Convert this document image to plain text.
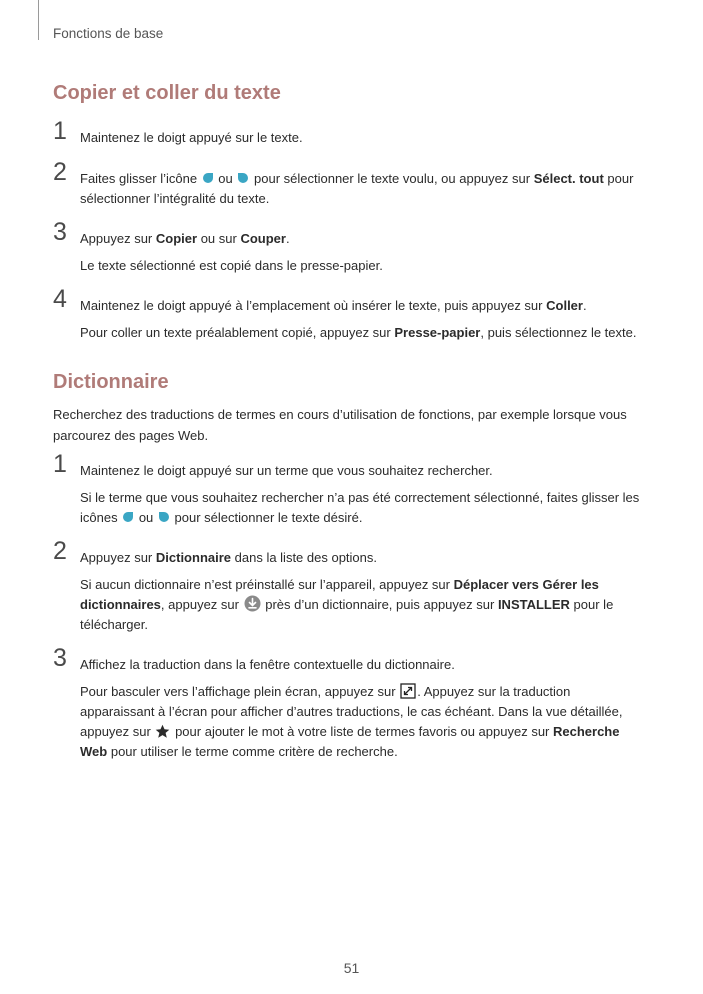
Fonctions de base
Copier et coller du texte
1	Maintenez le doigt appuyé sur le texte.
2	Faites glisser l’icône ou pour sélectionner le texte voulu, ou appuyez sur Sélect. tout pour
sélectionner l’intégralité du texte.
3	Appuyez sur Copier ou sur Couper.
Le texte sélectionné est copié dans le presse-papier.
4	Maintenez le doigt appuyé à l’emplacement où insérer le texte, puis appuyez sur Coller.
Pour coller un texte préalablement copié, appuyez sur Presse-papier, puis sélectionnez le texte.
Dictionnaire
Recherchez des traductions de termes en cours d’utilisation de fonctions, par exemple lorsque vous
parcourez des pages Web.
1	Maintenez le doigt appuyé sur un terme que vous souhaitez rechercher.
Si le terme que vous souhaitez rechercher n’a pas été correctement sélectionné, faites glisser les
icônes ou pour sélectionner le texte désiré.
2	Appuyez sur Dictionnaire dans la liste des options.
Si aucun dictionnaire n’est préinstallé sur l’appareil, appuyez sur Déplacer vers Gérer les
dictionnaires, appuyez sur près d’un dictionnaire, puis appuyez sur INSTALLER pour le
télécharger.
3	Affichez la traduction dans la fenêtre contextuelle du dictionnaire.
Pour basculer vers l’affichage plein écran, appuyez sur . Appuyez sur la traduction
apparaissant à l’écran pour afficher d’autres traductions, le cas échéant. Dans la vue détaillée,
appuyez sur pour ajouter le mot à votre liste de termes favoris ou appuyez sur Recherche
Web pour utiliser le terme comme critère de recherche.
51
